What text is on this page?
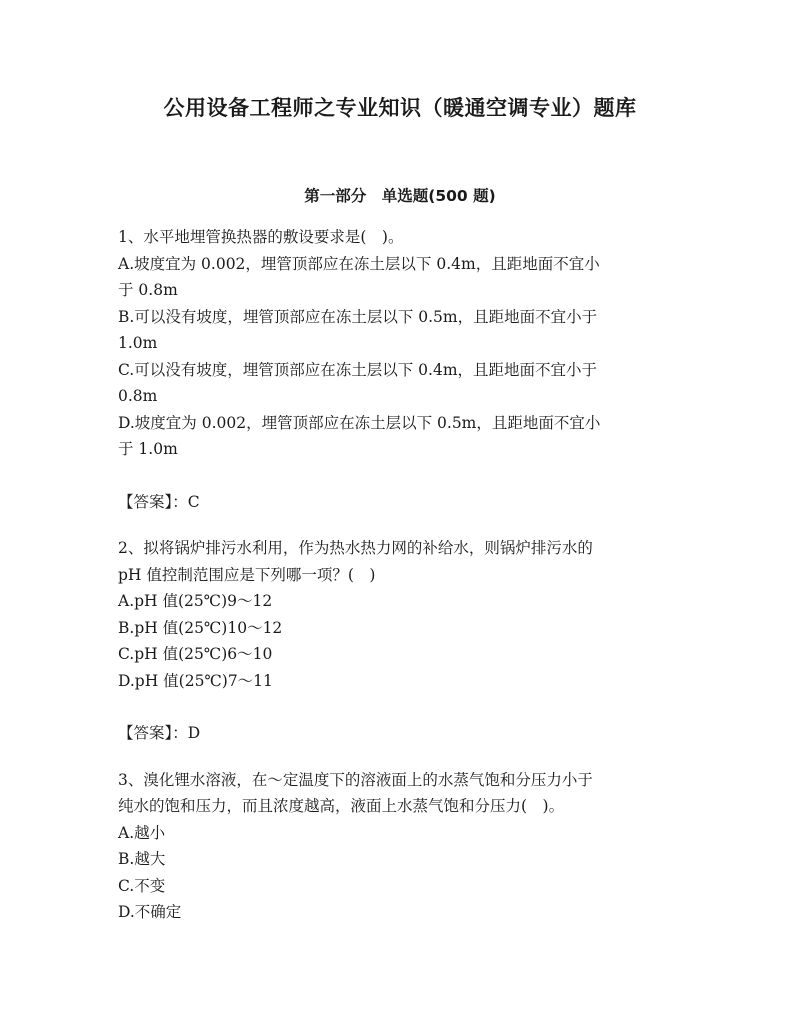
公用设备工程师之专业知识（暖通空调专业）题库
第一部分　单选题(500 题)
1、水平地埋管换热器的敷设要求是(　)。
A.坡度宜为 0.002，埋管顶部应在冻土层以下 0.4m，且距地面不宜小
于 0.8m
B.可以没有坡度，埋管顶部应在冻土层以下 0.5m，且距地面不宜小于
1.0m
C.可以没有坡度，埋管顶部应在冻土层以下 0.4m，且距地面不宜小于
0.8m
D.坡度宜为 0.002，埋管顶部应在冻土层以下 0.5m，且距地面不宜小
于 1.0m
【答案】：C
2、拟将锅炉排污水利用，作为热水热力网的补给水，则锅炉排污水的
pH 值控制范围应是下列哪一项？(　)
A.pH 值(25℃)9～12
B.pH 值(25℃)10～12
C.pH 值(25℃)6～10
D.pH 值(25℃)7～11
【答案】：D
3、溴化锂水溶液，在～定温度下的溶液面上的水蒸气饱和分压力小于
纯水的饱和压力，而且浓度越高，液面上水蒸气饱和分压力(　)。
A.越小
B.越大
C.不变
D.不确定
